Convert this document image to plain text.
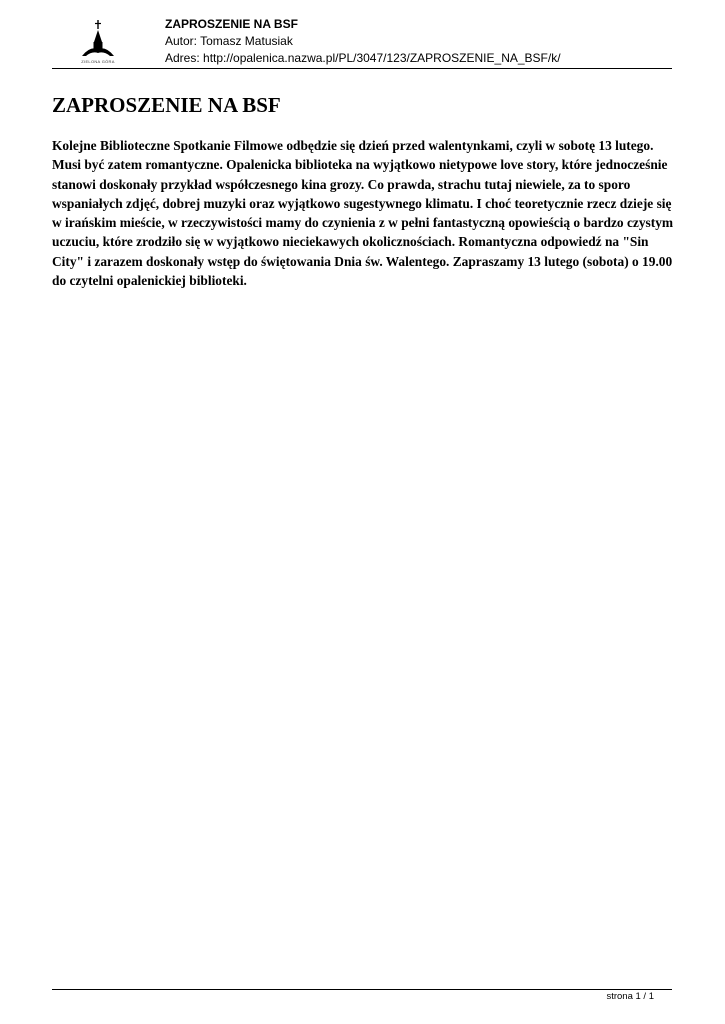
ZIELONA GÓRA
ZAPROSZENIE NA BSF
Autor: Tomasz Matusiak
Adres: http://opalenica.nazwa.pl/PL/3047/123/ZAPROSZENIE_NA_BSF/k/
ZAPROSZENIE NA BSF

Kolejne Biblioteczne Spotkanie Filmowe odbędzie się dzień przed walentynkami, czyli w sobotę 13 lutego. Musi być zatem romantyczne. Opalenicka biblioteka na wyjątkowo nietypowe love story, które jednocześnie stanowi doskonały przykład współczesnego kina grozy. Co prawda, strachu tutaj niewiele, za to sporo wspaniałych zdjęć, dobrej muzyki oraz wyjątkowo sugestywnego klimatu. I choć teoretycznie rzecz dzieje się w irańskim mieście, w rzeczywistości mamy do czynienia z w pełni fantastyczną opowieścią o bardzo czystym uczuciu, które zrodziło się w wyjątkowo nieciekawych okolicznościach. Romantyczna odpowiedź na "Sin City" i zarazem doskonały wstęp do świętowania Dnia św. Walentego. Zapraszamy 13 lutego (sobota) o 19.00 do czytelni opalenickiej biblioteki.

strona 1 / 1
